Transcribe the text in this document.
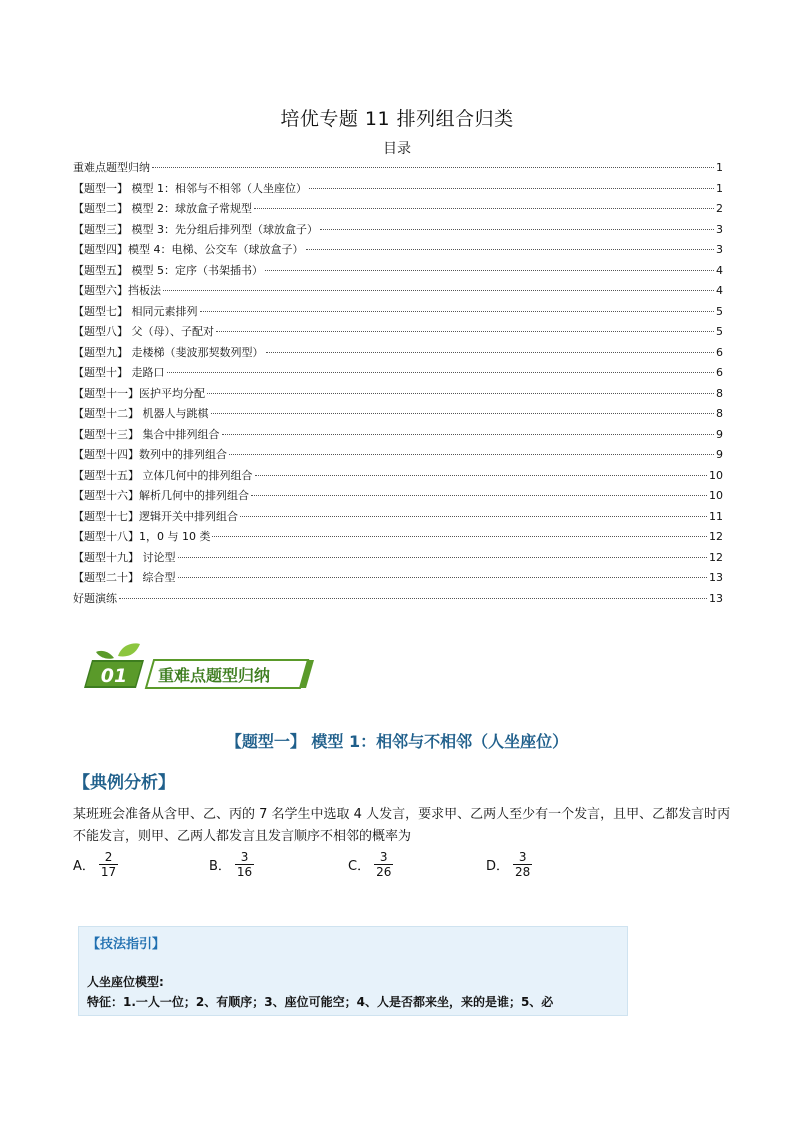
培优专题 11 排列组合归类
目录
重难点题型归纳	1
【题型一】 模型 1：相邻与不相邻（人坐座位）	1
【题型二】 模型 2：球放盒子常规型	2
【题型三】 模型 3：先分组后排列型（球放盒子）	3
【题型四】模型 4：电梯、公交车（球放盒子）	3
【题型五】 模型 5：定序（书架插书）	4
【题型六】挡板法	4
【题型七】 相同元素排列	5
【题型八】 父（母）、子配对	5
【题型九】 走楼梯（斐波那契数列型）	6
【题型十】 走路口	6
【题型十一】医护平均分配	8
【题型十二】 机器人与跳棋	8
【题型十三】 集合中排列组合	9
【题型十四】数列中的排列组合	9
【题型十五】 立体几何中的排列组合	10
【题型十六】解析几何中的排列组合	10
【题型十七】逻辑开关中排列组合	11
【题型十八】1，0 与 10 类	12
【题型十九】 讨论型	12
【题型二十】 综合型	13
好题演练	13
01 重难点题型归纳
【题型一】 模型 1：相邻与不相邻（人坐座位）
【典例分析】
某班班会准备从含甲、乙、丙的 7 名学生中选取 4 人发言，要求甲、乙两人至少有一个发言，且甲、乙都发言时丙不能发言，则甲、乙两人都发言且发言顺序不相邻的概率为
A． $\frac{2}{17}$	B． $\frac{3}{16}$	C． $\frac{3}{26}$	D． $\frac{3}{28}$
【技法指引】
人坐座位模型:
特征：1.一人一位；2、有顺序；3、座位可能空；4、人是否都来坐，来的是谁；5、必
